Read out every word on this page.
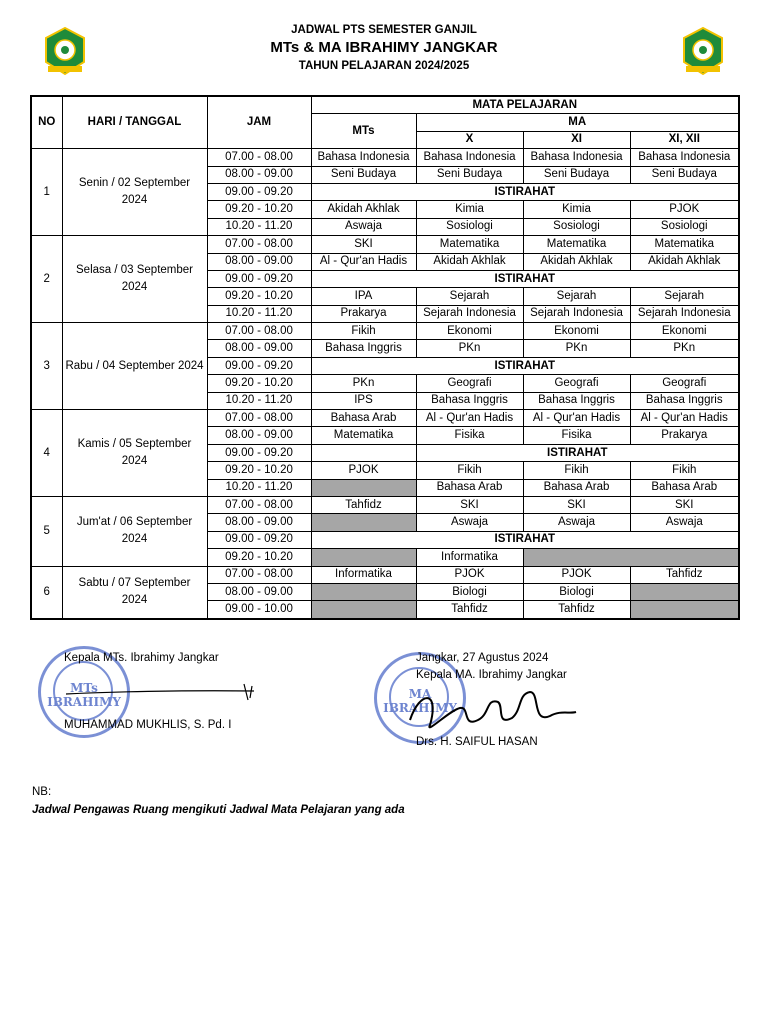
JADWAL PTS SEMESTER GANJIL
MTs & MA IBRAHIMY JANGKAR
TAHUN PELAJARAN 2024/2025
NO	HARI / TANGGAL	JAM	MATA PELAJARAN			
			MTs	MA		
				X	XI	XI, XII
1	Senin / 02 September 2024	07.00 - 08.00	Bahasa Indonesia	Bahasa Indonesia	Bahasa Indonesia	Bahasa Indonesia
		08.00 - 09.00	Seni Budaya	Seni Budaya	Seni Budaya	Seni Budaya
		09.00 - 09.20	ISTIRAHAT			
		09.20 - 10.20	Akidah Akhlak	Kimia	Kimia	PJOK
		10.20 - 11.20	Aswaja	Sosiologi	Sosiologi	Sosiologi
2	Selasa / 03 September 2024	07.00 - 08.00	SKI	Matematika	Matematika	Matematika
		08.00 - 09.00	Al - Qur'an Hadis	Akidah Akhlak	Akidah Akhlak	Akidah Akhlak
		09.00 - 09.20	ISTIRAHAT			
		09.20 - 10.20	IPA	Sejarah	Sejarah	Sejarah
		10.20 - 11.20	Prakarya	Sejarah Indonesia	Sejarah Indonesia	Sejarah Indonesia
3	Rabu / 04 September 2024	07.00 - 08.00	Fikih	Ekonomi	Ekonomi	Ekonomi
		08.00 - 09.00	Bahasa Inggris	PKn	PKn	PKn
		09.00 - 09.20	ISTIRAHAT			
		09.20 - 10.20	PKn	Geografi	Geografi	Geografi
		10.20 - 11.20	IPS	Bahasa Inggris	Bahasa Inggris	Bahasa Inggris
4	Kamis / 05 September 2024	07.00 - 08.00	Bahasa Arab	Al - Qur'an Hadis	Al - Qur'an Hadis	Al - Qur'an Hadis
		08.00 - 09.00	Matematika	Fisika	Fisika	Prakarya
		09.00 - 09.20		ISTIRAHAT		
		09.20 - 10.20	PJOK	Fikih	Fikih	Fikih
		10.20 - 11.20		Bahasa Arab	Bahasa Arab	Bahasa Arab
5	Jum'at / 06 September 2024	07.00 - 08.00	Tahfidz	SKI	SKI	SKI
		08.00 - 09.00		Aswaja	Aswaja	Aswaja
		09.00 - 09.20	ISTIRAHAT			
		09.20 - 10.20		Informatika		
6	Sabtu / 07 September 2024	07.00 - 08.00	Informatika	PJOK	PJOK	Tahfidz
		08.00 - 09.00		Biologi	Biologi	
		09.00 - 10.00		Tahfidz	Tahfidz	
MTs IBRAHIMY
Kepala MTs. Ibrahimy Jangkar
MUHAMMAD MUKHLIS, S. Pd. I
MA IBRAHIMY
Jangkar, 27 Agustus 2024
Kepala MA. Ibrahimy Jangkar
Drs. H. SAIFUL HASAN
NB:
Jadwal Pengawas Ruang mengikuti Jadwal Mata Pelajaran yang ada
